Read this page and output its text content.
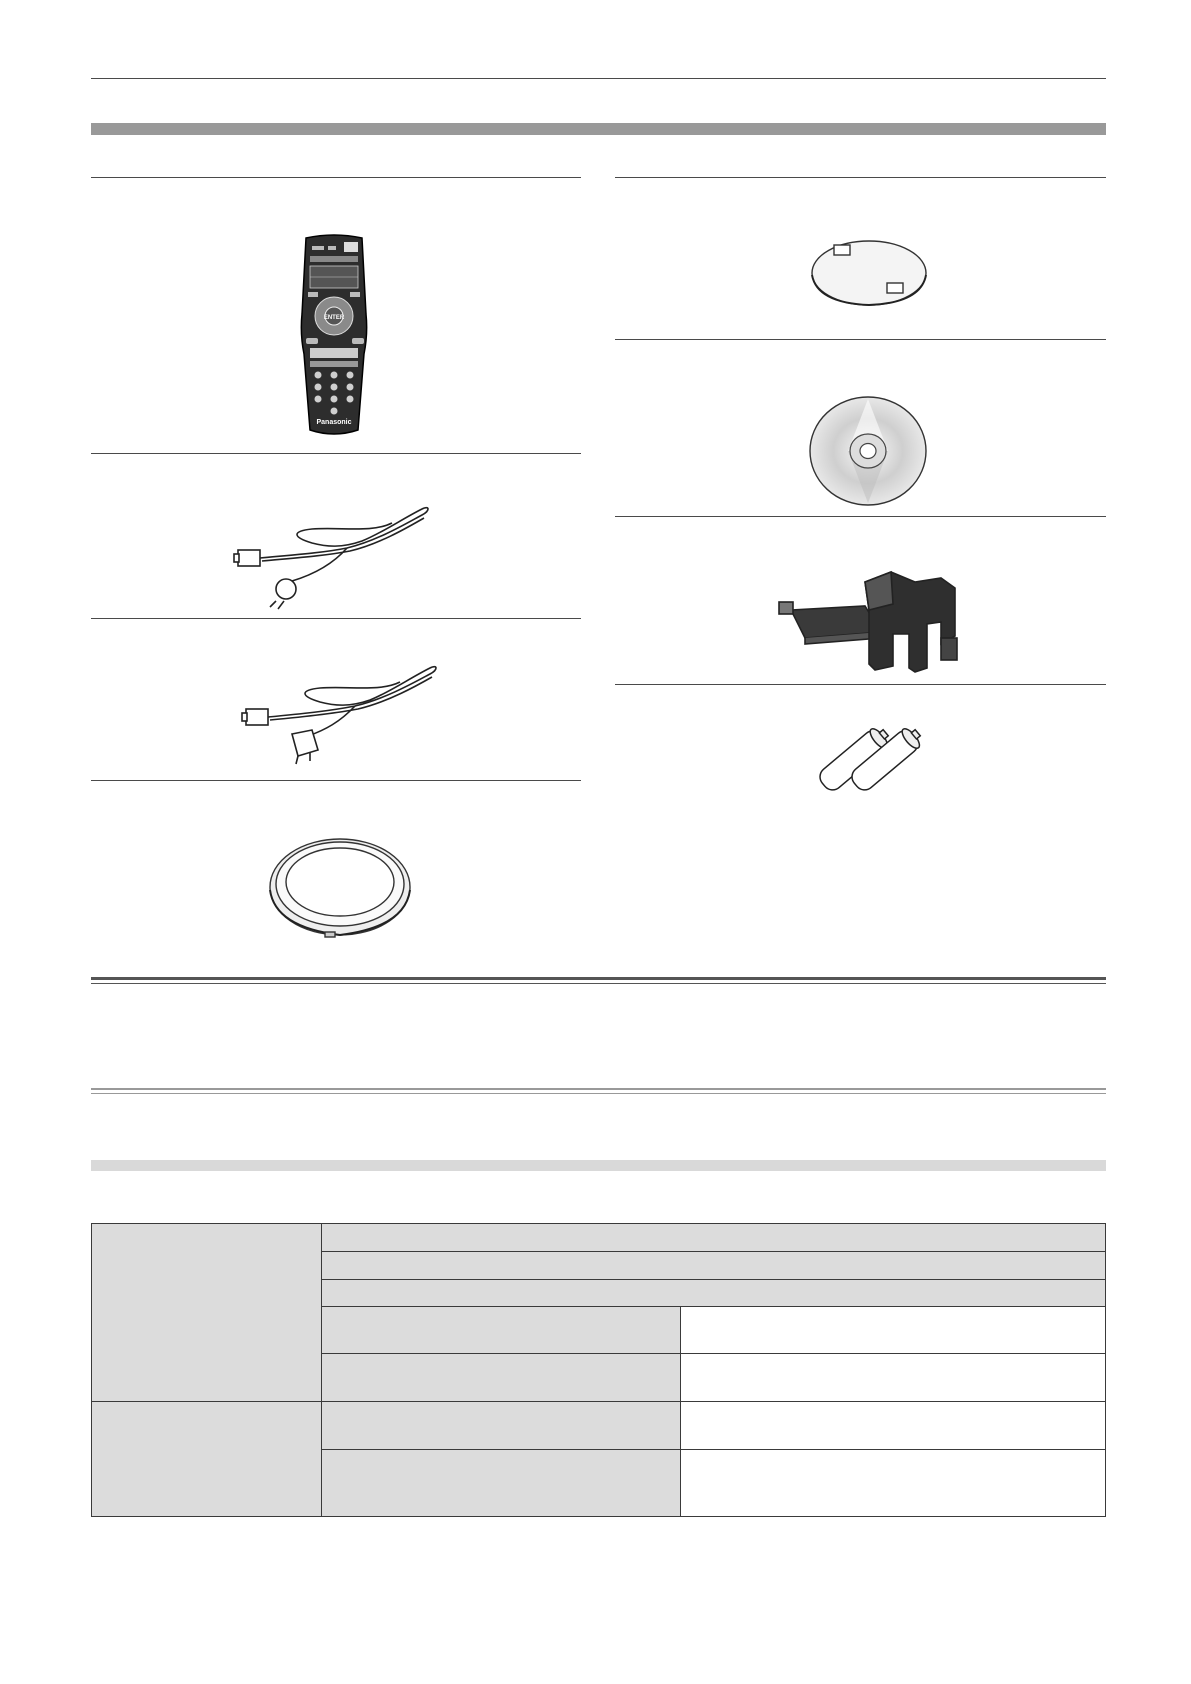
ENTER
Panasonic
